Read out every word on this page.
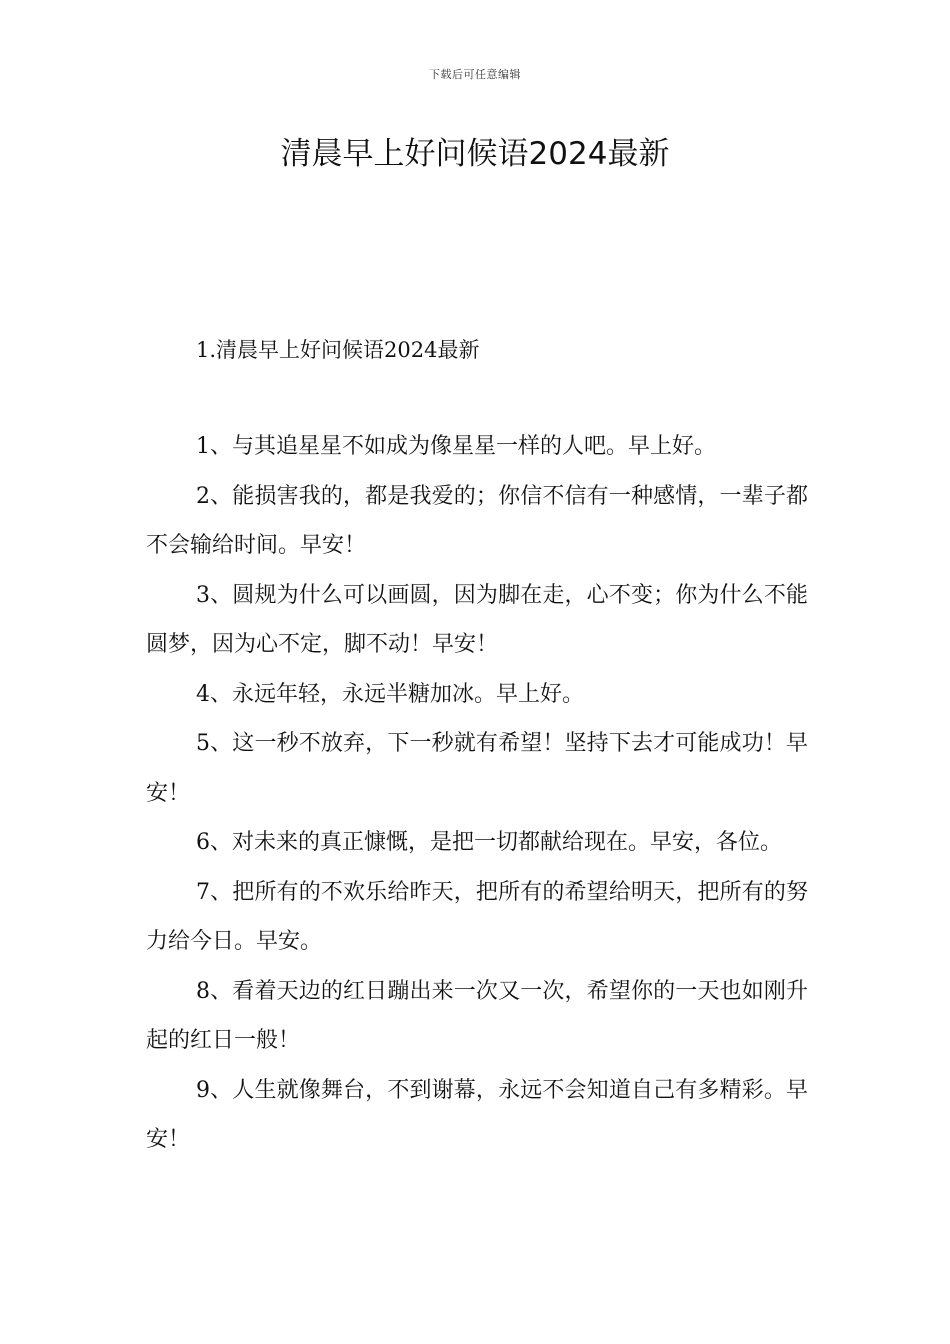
下载后可任意编辑
清晨早上好问候语2024最新

1.清晨早上好问候语2024最新

1、与其追星星不如成为像星星一样的人吧。早上好。
2、能损害我的，都是我爱的；你信不信有一种感情，一辈子都不会输给时间。早安！
3、圆规为什么可以画圆，因为脚在走，心不变；你为什么不能圆梦，因为心不定，脚不动！早安！
4、永远年轻，永远半糖加冰。早上好。
5、这一秒不放弃，下一秒就有希望！坚持下去才可能成功！早安！
6、对未来的真正慷慨，是把一切都献给现在。早安，各位。
7、把所有的不欢乐给昨天，把所有的希望给明天，把所有的努力给今日。早安。
8、看着天边的红日蹦出来一次又一次，希望你的一天也如刚升起的红日一般！
9、人生就像舞台，不到谢幕，永远不会知道自己有多精彩。早安！
